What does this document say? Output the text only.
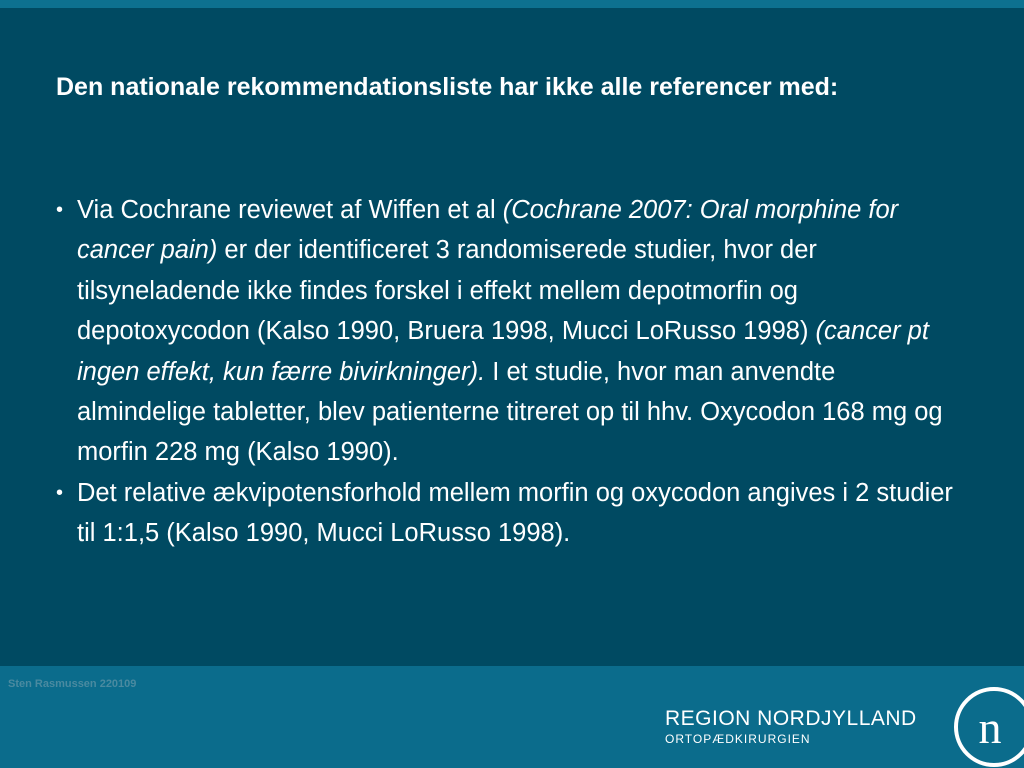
Den nationale rekommendationsliste har ikke alle referencer med:
• Via Cochrane reviewet af Wiffen et al (Cochrane 2007: Oral morphine for cancer pain) er der identificeret 3 randomiserede studier, hvor der tilsyneladende ikke findes forskel i effekt mellem depotmorfin og depotoxycodon (Kalso 1990, Bruera 1998, Mucci LoRusso 1998) (cancer pt ingen effekt, kun færre bivirkninger). I et studie, hvor man anvendte almindelige tabletter, blev patienterne titreret op til hhv. Oxycodon 168 mg og morfin 228 mg (Kalso 1990).
• Det relative ækvipotensforhold mellem morfin og oxycodon angives i 2 studier til 1:1,5 (Kalso 1990, Mucci LoRusso 1998).
Sten Rasmussen 220109
REGION NORDJYLLAND
ORTOPÆDKIRURGIEN	n
